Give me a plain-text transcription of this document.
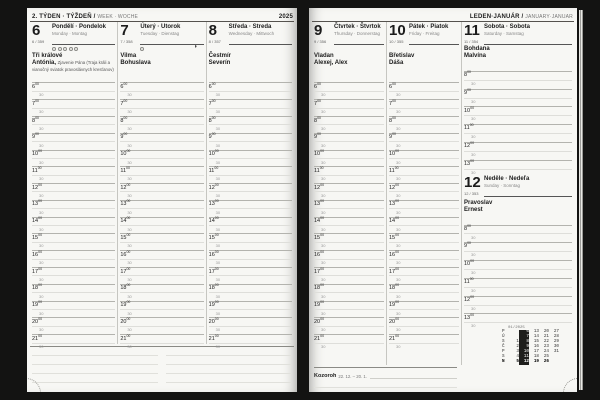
2. TÝDEN · TÝŽDEŇ / WEEK · WOCHE	2025
6
6 / 359
Pondělí · Pondelok
Monday · Montag
Tři králové
Antónia, Zjavenie Pána (Traja králi a vianočný sviatok pravoslávnych kresťanov)
$6^{00}$
30
$7^{00}$
30
$8^{00}$
30
$9^{00}$
30
$10^{00}$
30
$11^{00}$
30
$12^{00}$
30
$13^{00}$
30
$14^{00}$
30
$15^{00}$
30
$16^{00}$
30
$17^{00}$
30
$18^{00}$
30
$19^{00}$
30
$20^{00}$
30
$21^{00}$
30
7
7 / 358
Úterý · Utorok
Tuesday · Dienstag
◗
Vilma
Bohuslava
$6^{00}$
30
$7^{00}$
30
$8^{00}$
30
$9^{00}$
30
$10^{00}$
30
$11^{00}$
30
$12^{00}$
30
$13^{00}$
30
$14^{00}$
30
$15^{00}$
30
$16^{00}$
30
$17^{00}$
30
$18^{00}$
30
$19^{00}$
30
$20^{00}$
30
$21^{00}$
30
8
8 / 357
Středa · Streda
Wednesday · Mittwoch
Čestmír
Severín
$6^{00}$
30
$7^{00}$
30
$8^{00}$
30
$9^{00}$
30
$10^{00}$
30
$11^{00}$
30
$12^{00}$
30
$13^{00}$
30
$14^{00}$
30
$15^{00}$
30
$16^{00}$
30
$17^{00}$
30
$18^{00}$
30
$19^{00}$
30
$20^{00}$
30
$21^{00}$
30
LEDEN·JANUÁR / JANUARY·JANUAR
9
9 / 356
Čtvrtek · Štvrtok
Thursday · Donnerstag
Vladan
Alexej, Alex
$6^{00}$
30
$7^{00}$
30
$8^{00}$
30
$9^{00}$
30
$10^{00}$
30
$11^{00}$
30
$12^{00}$
30
$13^{00}$
30
$14^{00}$
30
$15^{00}$
30
$16^{00}$
30
$17^{00}$
30
$18^{00}$
30
$19^{00}$
30
$20^{00}$
30
$21^{00}$
30
Kozoroh 22. 12. – 20. 1.
10
10 / 355
Pátek · Piatok
Friday · Freitag
Břetislav
Dáša
$6^{00}$
30
$7^{00}$
30
$8^{00}$
30
$9^{00}$
30
$10^{00}$
30
$11^{00}$
30
$12^{00}$
30
$13^{00}$
30
$14^{00}$
30
$15^{00}$
30
$16^{00}$
30
$17^{00}$
30
$18^{00}$
30
$19^{00}$
30
$20^{00}$
30
$21^{00}$
30
11
11 / 354
Sobota · Sobota
Saturday · Samstag
Bohdana
Malvína
$8^{00}$
30
$9^{00}$
30
$10^{00}$
30
$11^{00}$
30
$12^{00}$
30
$13^{00}$
30
12
12 / 353
Neděle · Nedeľa
Sunday · Sonntag
Pravoslav
Ernest
$8^{00}$
30
$9^{00}$
30
$10^{00}$
30
$11^{00}$
30
$12^{00}$
30
$13^{00}$
30	01/2025
P	6	13	20	27
Ú	7	14	21	28
S	1	8	15	22	29
Č	2	9	16	23	30
P	3	10	17	24	31
S	4	11	18	25
N	5	12	19	26
